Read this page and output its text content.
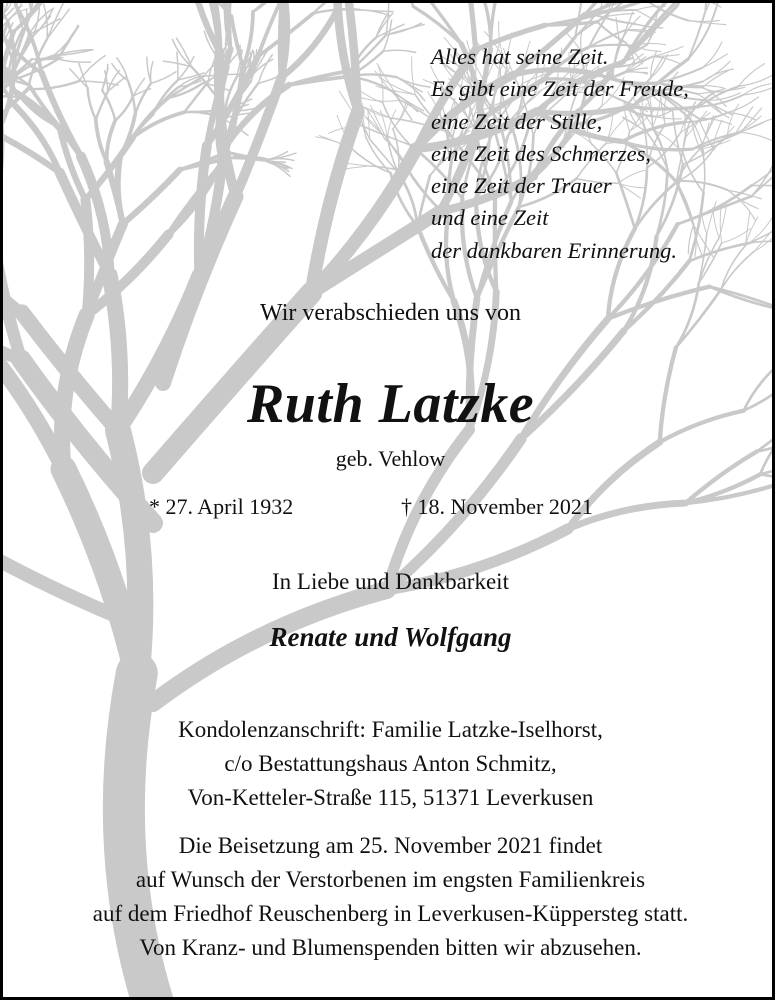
Alles hat seine Zeit.
Es gibt eine Zeit der Freude,
eine Zeit der Stille,
eine Zeit des Schmerzes,
eine Zeit der Trauer
und eine Zeit
der dankbaren Erinnerung.
Wir verabschieden uns von
Ruth Latzke
geb. Vehlow
* 27. April 1932	† 18. November 2021
In Liebe und Dankbarkeit
Renate und Wolfgang
Kondolenzanschrift: Familie Latzke-Iselhorst,
c/o Bestattungshaus Anton Schmitz,
Von-Ketteler-Straße 115, 51371 Leverkusen
Die Beisetzung am 25. November 2021 findet
auf Wunsch der Verstorbenen im engsten Familienkreis
auf dem Friedhof Reuschenberg in Leverkusen-Küppersteg statt.
Von Kranz- und Blumenspenden bitten wir abzusehen.
